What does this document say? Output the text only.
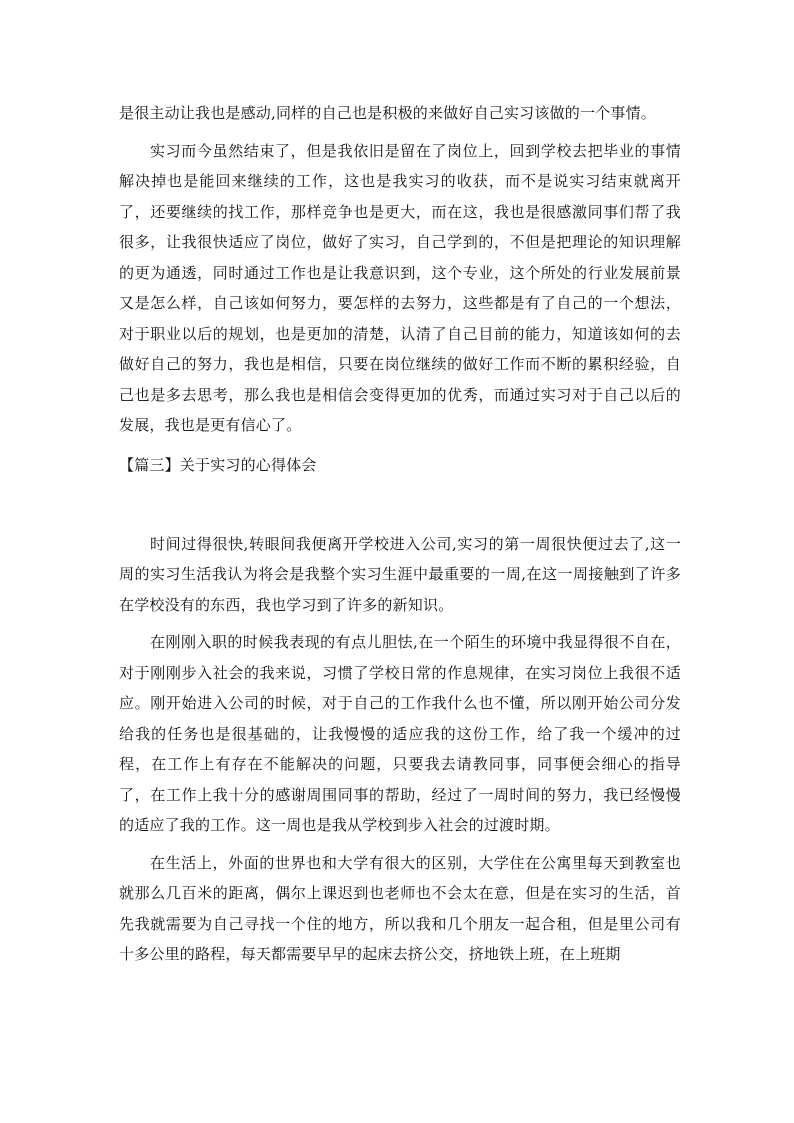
是很主动让我也是感动,同样的自己也是积极的来做好自己实习该做的一个事情。

实习而今虽然结束了，但是我依旧是留在了岗位上，回到学校去把毕业的事情解决掉也是能回来继续的工作，这也是我实习的收获，而不是说实习结束就离开了，还要继续的找工作，那样竞争也是更大，而在这，我也是很感激同事们帮了我很多，让我很快适应了岗位，做好了实习，自己学到的，不但是把理论的知识理解的更为通透，同时通过工作也是让我意识到，这个专业，这个所处的行业发展前景又是怎么样，自己该如何努力，要怎样的去努力，这些都是有了自己的一个想法，对于职业以后的规划，也是更加的清楚，认清了自己目前的能力，知道该如何的去做好自己的努力，我也是相信，只要在岗位继续的做好工作而不断的累积经验，自己也是多去思考，那么我也是相信会变得更加的优秀，而通过实习对于自己以后的发展，我也是更有信心了。

【篇三】关于实习的心得体会

时间过得很快,转眼间我便离开学校进入公司,实习的第一周很快便过去了,这一周的实习生活我认为将会是我整个实习生涯中最重要的一周,在这一周接触到了许多在学校没有的东西，我也学习到了许多的新知识。

在刚刚入职的时候我表现的有点儿胆怯,在一个陌生的环境中我显得很不自在，对于刚刚步入社会的我来说，习惯了学校日常的作息规律，在实习岗位上我很不适应。刚开始进入公司的时候，对于自己的工作我什么也不懂，所以刚开始公司分发给我的任务也是很基础的，让我慢慢的适应我的这份工作，给了我一个缓冲的过程，在工作上有存在不能解决的问题，只要我去请教同事，同事便会细心的指导了，在工作上我十分的感谢周围同事的帮助，经过了一周时间的努力，我已经慢慢的适应了我的工作。这一周也是我从学校到步入社会的过渡时期。

在生活上，外面的世界也和大学有很大的区别，大学住在公寓里每天到教室也就那么几百米的距离，偶尔上课迟到也老师也不会太在意，但是在实习的生活，首先我就需要为自己寻找一个住的地方，所以我和几个朋友一起合租，但是里公司有十多公里的路程，每天都需要早早的起床去挤公交，挤地铁上班，在上班期
